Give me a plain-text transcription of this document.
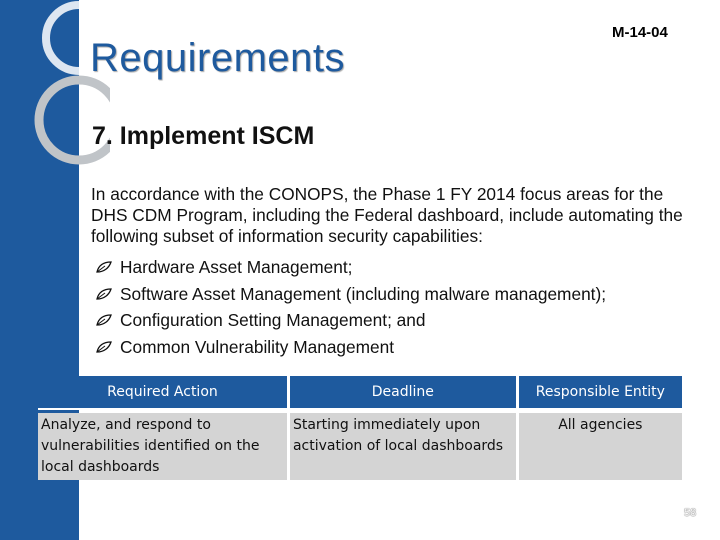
M-14-04
Requirements
7. Implement ISCM
In accordance with the CONOPS, the Phase 1 FY 2014 focus areas for the DHS CDM Program, including the Federal dashboard, include automating the following subset of information security capabilities:
Hardware Asset Management;
Software Asset Management (including malware management);
Configuration Setting Management; and
Common Vulnerability Management
Required Action	Deadline	Responsible Entity
Analyze, and respond to vulnerabilities identified on the local dashboards	Starting immediately upon activation of local dashboards	All agencies
58
